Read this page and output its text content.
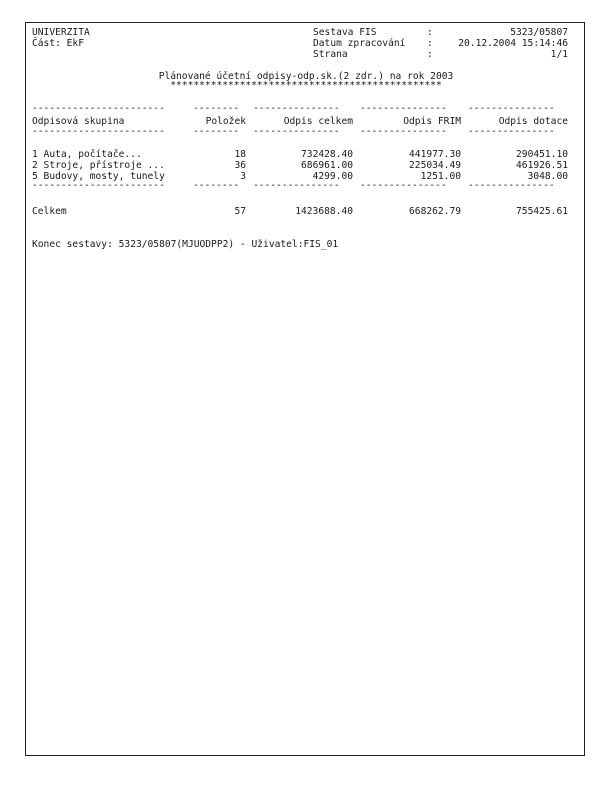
UNIVERZITA
Část: EkF
Sestava FIS	:	5323/05807
Datum zpracování :	20.12.2004 15:14:46
Strana	:	1/1
Plánované účetní odpisy-odp.sk.(2 zdr.) na rok 2003
***********************************************
-----------------------	--------	---------------	---------------	---------------
Odpisová skupina	Položek	Odpis celkem	Odpis FRIM	Odpis dotace
-----------------------	--------	---------------	---------------	---------------
1 Auta, počítače...	18	732428.40	441977.30	290451.10
2 Stroje, přístroje ...	36	686961.00	225034.49	461926.51
5 Budovy, mosty, tunely	3	4299.00	1251.00	3048.00
-----------------------	--------	---------------	---------------	---------------
Celkem	57	1423688.40	668262.79	755425.61
Konec sestavy: 5323/05807(MJUODPP2) - Uživatel:FIS_01
